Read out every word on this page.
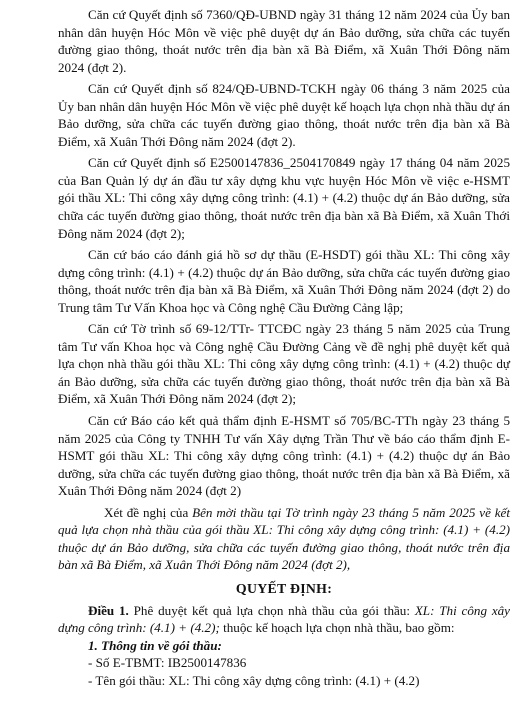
Căn cứ Quyết định số 7360/QĐ-UBND ngày 31 tháng 12 năm 2024 của Ủy ban nhân dân huyện Hóc Môn về việc phê duyệt dự án Bảo dưỡng, sửa chữa các tuyến đường giao thông, thoát nước trên địa bàn xã Bà Điểm, xã Xuân Thới Đông năm 2024 (đợt 2).

Căn cứ Quyết định số 824/QĐ-UBND-TCKH ngày 06 tháng 3 năm 2025 của Ủy ban nhân dân huyện Hóc Môn về việc phê duyệt kế hoạch lựa chọn nhà thầu dự án Bảo dưỡng, sửa chữa các tuyến đường giao thông, thoát nước trên địa bàn xã Bà Điểm, xã Xuân Thới Đông năm 2024 (đợt 2).

Căn cứ Quyết định số E2500147836_2504170849 ngày 17 tháng 04 năm 2025 của Ban Quản lý dự án đầu tư xây dựng khu vực huyện Hóc Môn về việc e-HSMT gói thầu XL: Thi công xây dựng công trình: (4.1) + (4.2) thuộc dự án Bảo dưỡng, sửa chữa các tuyến đường giao thông, thoát nước trên địa bàn xã Bà Điểm, xã Xuân Thới Đông năm 2024 (đợt 2);

Căn cứ báo cáo đánh giá hồ sơ dự thầu (E-HSDT) gói thầu XL: Thi công xây dựng công trình: (4.1) + (4.2) thuộc dự án Bảo dưỡng, sửa chữa các tuyến đường giao thông, thoát nước trên địa bàn xã Bà Điểm, xã Xuân Thới Đông năm 2024 (đợt 2) do Trung tâm Tư Vấn Khoa học và Công nghệ Cầu Đường Cảng lập;

Căn cứ Tờ trình số 69-12/TTr- TTCĐC ngày 23 tháng 5 năm 2025 của Trung tâm Tư vấn Khoa học và Công nghệ Cầu Đường Cảng về đề nghị phê duyệt kết quả lựa chọn nhà thầu gói thầu XL: Thi công xây dựng công trình: (4.1) + (4.2) thuộc dự án Bảo dưỡng, sửa chữa các tuyến đường giao thông, thoát nước trên địa bàn xã Bà Điểm, xã Xuân Thới Đông năm 2024 (đợt 2);

Căn cứ Báo cáo kết quả thẩm định E-HSMT số 705/BC-TTh ngày 23 tháng 5 năm 2025 của Công ty TNHH Tư vấn Xây dựng Trần Thư về báo cáo thẩm định E-HSMT gói thầu XL: Thi công xây dựng công trình: (4.1) + (4.2) thuộc dự án Bảo dưỡng, sửa chữa các tuyến đường giao thông, thoát nước trên địa bàn xã Bà Điểm, xã Xuân Thới Đông năm 2024 (đợt 2)

Xét đề nghị của Bên mời thầu tại Tờ trình ngày 23 tháng 5 năm 2025 về kết quả lựa chọn nhà thầu của gói thầu XL: Thi công xây dựng công trình: (4.1) + (4.2) thuộc dự án Bảo dưỡng, sửa chữa các tuyến đường giao thông, thoát nước trên địa bàn xã Bà Điểm, xã Xuân Thới Đông năm 2024 (đợt 2),

QUYẾT ĐỊNH:

Điều 1. Phê duyệt kết quả lựa chọn nhà thầu của gói thầu: XL: Thi công xây dựng công trình: (4.1) + (4.2); thuộc kế hoạch lựa chọn nhà thầu, bao gồm:

1. Thông tin về gói thầu:

- Số E-TBMT: IB2500147836

- Tên gói thầu: XL: Thi công xây dựng công trình: (4.1) + (4.2)
